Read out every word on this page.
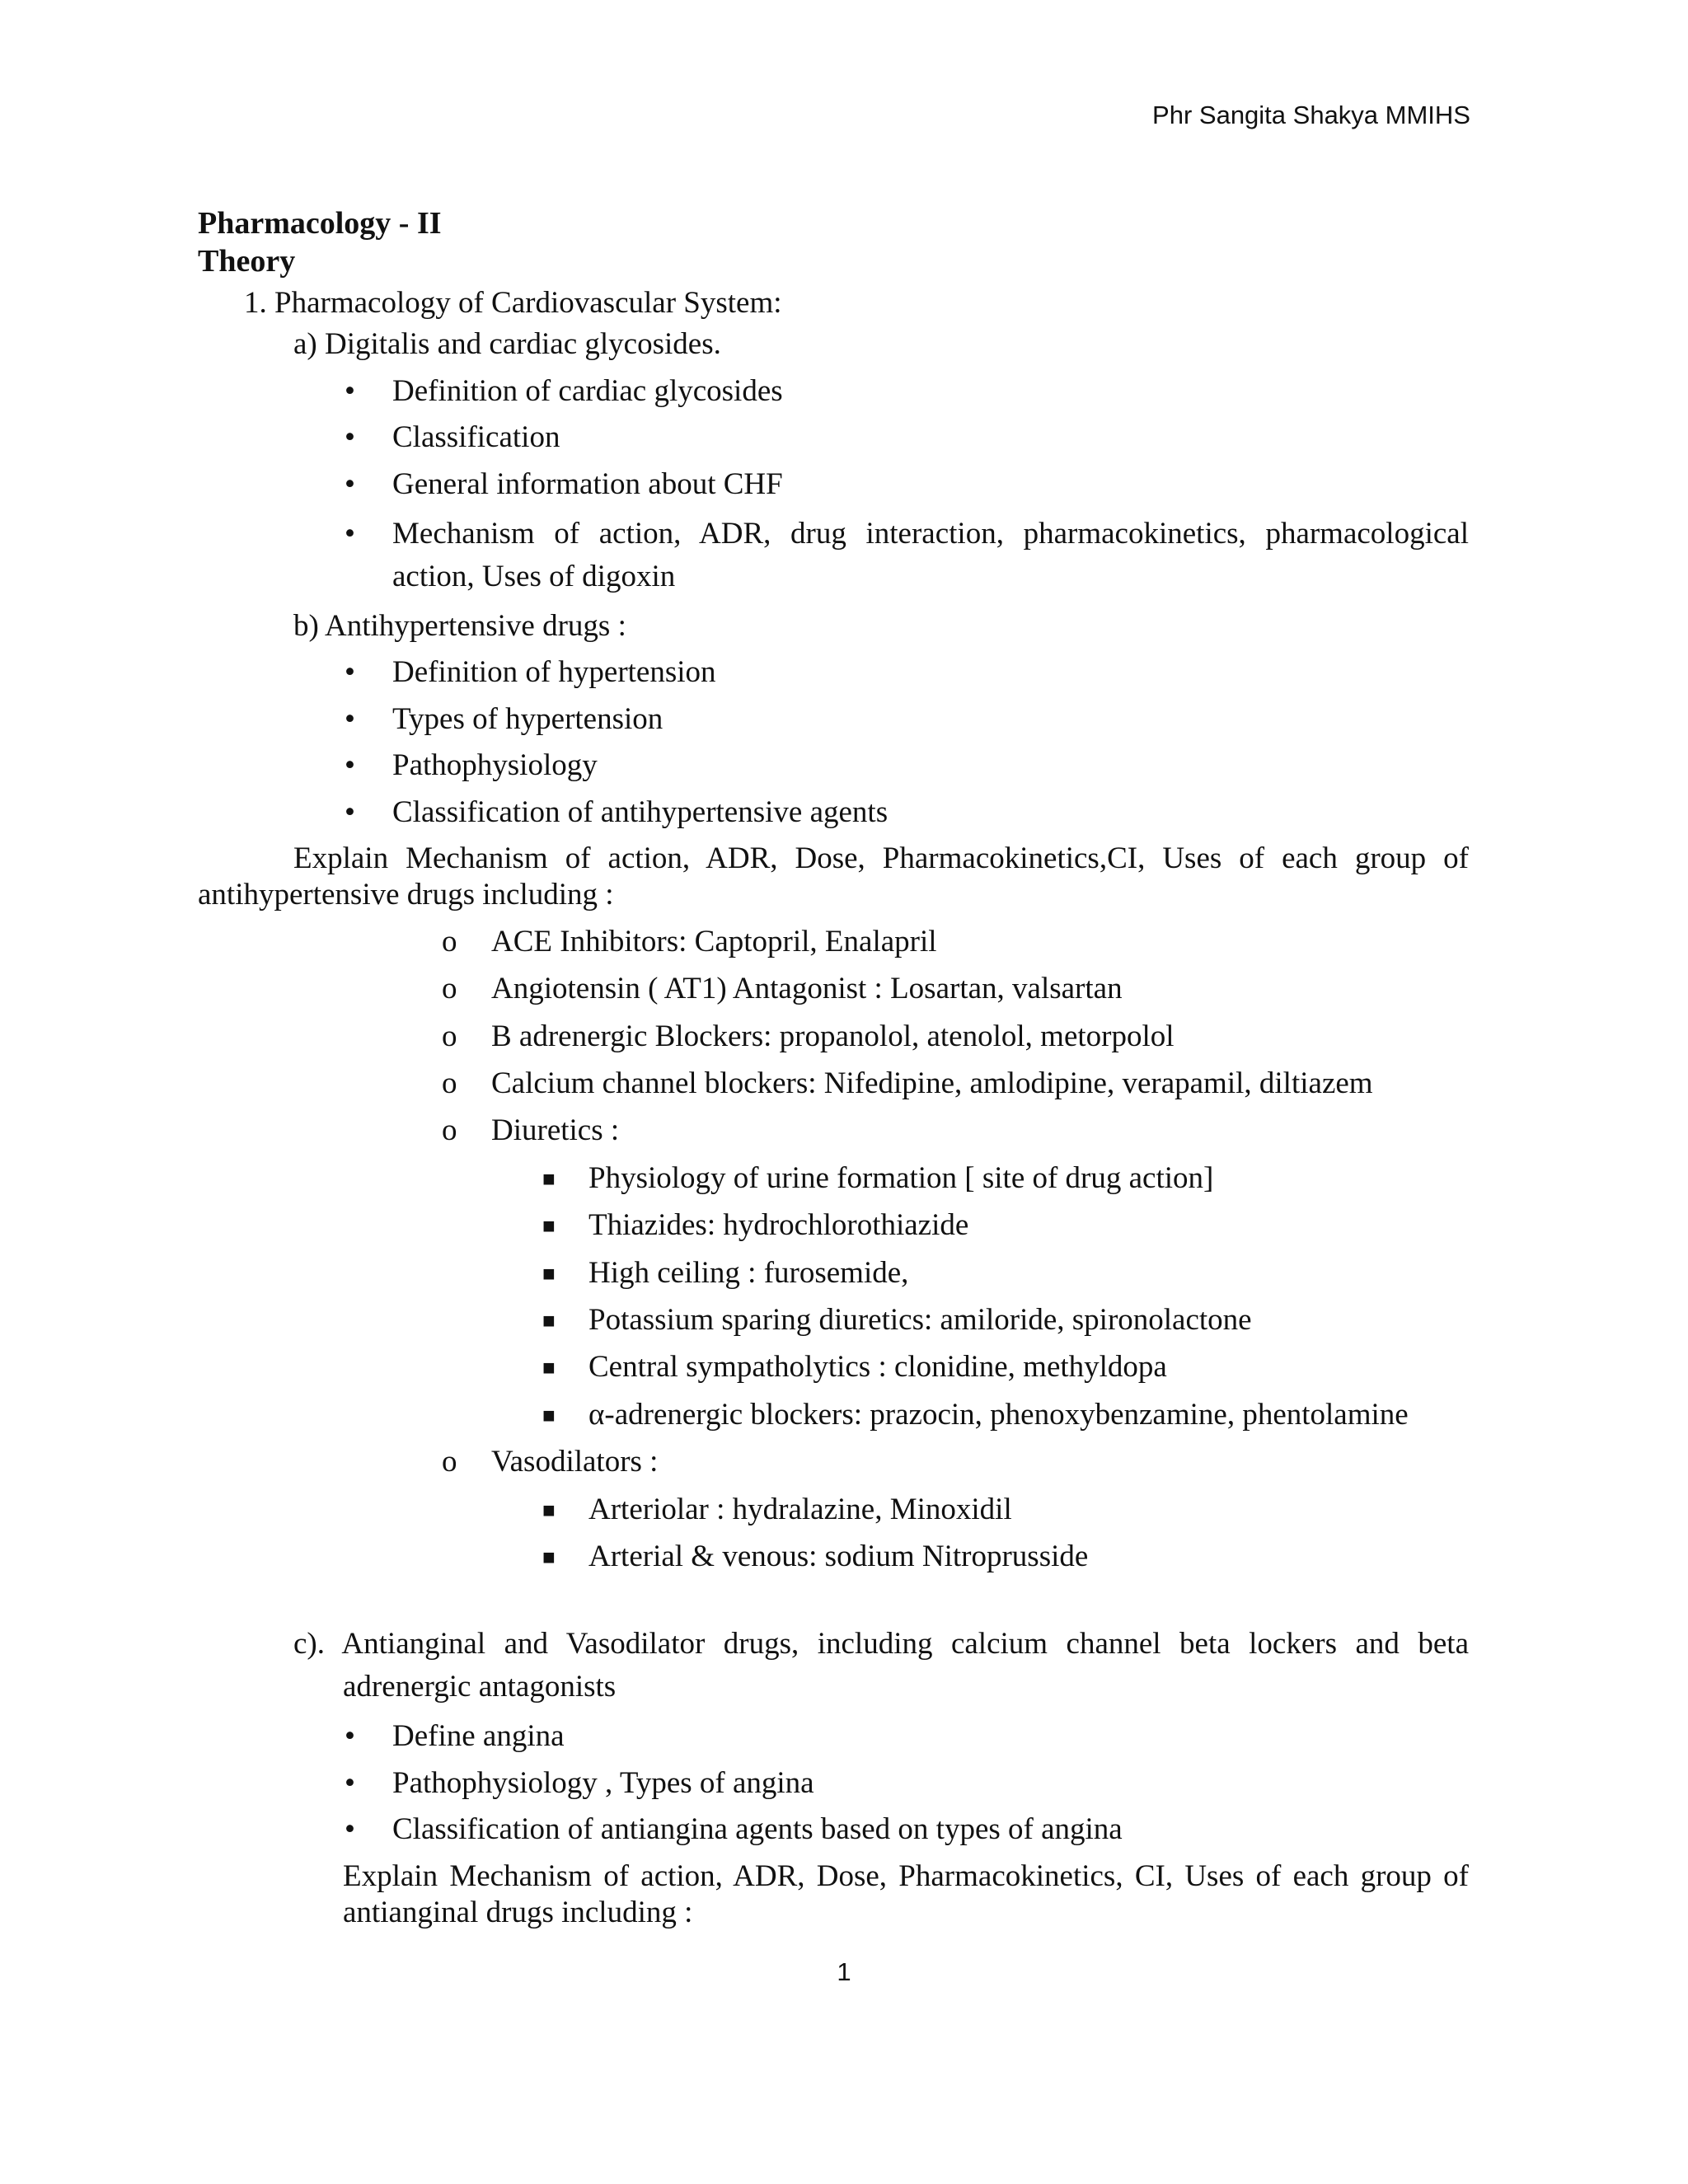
Phr Sangita Shakya MMIHS
Pharmacology - II
Theory
1. Pharmacology of Cardiovascular System:
a) Digitalis and cardiac glycosides.
• Definition of cardiac glycosides
• Classification
• General information about CHF
• Mechanism of action, ADR, drug interaction, pharmacokinetics, pharmacological action, Uses of digoxin
b) Antihypertensive drugs :
• Definition of hypertension
• Types of hypertension
• Pathophysiology
• Classification of antihypertensive agents
Explain Mechanism of action, ADR, Dose, Pharmacokinetics,CI, Uses of each group of antihypertensive drugs including :
o ACE Inhibitors: Captopril, Enalapril
o Angiotensin ( AT1) Antagonist : Losartan, valsartan
o B adrenergic Blockers: propanolol, atenolol, metorpolol
o Calcium channel blockers: Nifedipine, amlodipine, verapamil, diltiazem
o Diuretics :
■ Physiology of urine formation [ site of drug action]
■ Thiazides: hydrochlorothiazide
■ High ceiling : furosemide,
■ Potassium sparing diuretics: amiloride, spironolactone
■ Central sympatholytics : clonidine, methyldopa
■ α-adrenergic blockers: prazocin, phenoxybenzamine, phentolamine
o Vasodilators :
■ Arteriolar : hydralazine, Minoxidil
■ Arterial & venous: sodium Nitroprusside
c). Antianginal and Vasodilator drugs, including calcium channel beta lockers and beta adrenergic antagonists
• Define angina
• Pathophysiology , Types of angina
• Classification of antiangina agents based on types of angina
Explain Mechanism of action, ADR, Dose, Pharmacokinetics, CI, Uses of each group of antianginal drugs including :
1
